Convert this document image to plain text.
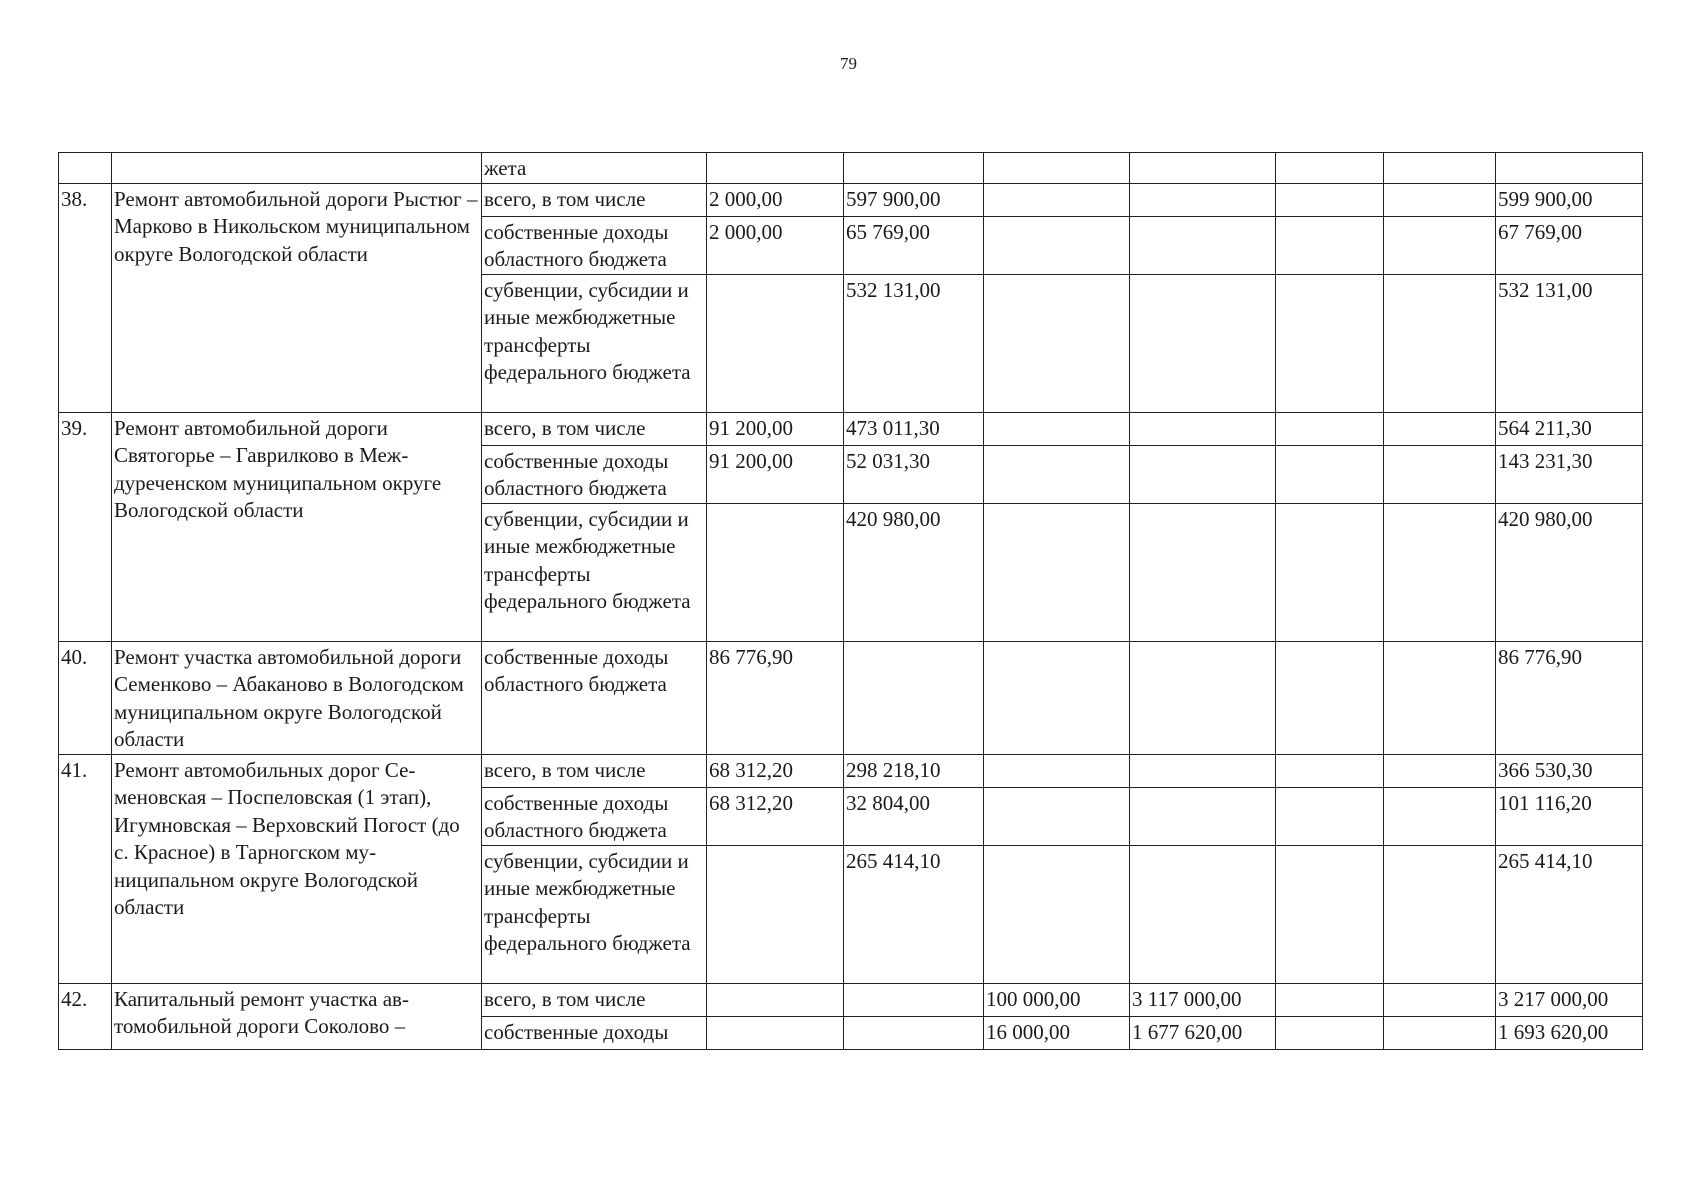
79
		жета							
38.	Ремонт автомобильной дороги Рыстюг – Марково в Никольском муниципальном округе Вологодской области	всего, в том числе	2 000,00	597 900,00					599 900,00
		собственные доходы областного бюджета	2 000,00	65 769,00					67 769,00
		субвенции, субсидии и иные межбюджетные трансферты федерального бюджета		532 131,00					532 131,00
39.	Ремонт автомобильной дороги Святогорье – Гаврилково в Междуреченском муниципальном округе Вологодской области	всего, в том числе	91 200,00	473 011,30					564 211,30
		собственные доходы областного бюджета	91 200,00	52 031,30					143 231,30
		субвенции, субсидии и иные межбюджетные трансферты федерального бюджета		420 980,00					420 980,00
40.	Ремонт участка автомобильной дороги Семенково – Абаканово в Вологодском муниципальном округе Вологодской области	собственные доходы областного бюджета	86 776,90						86 776,90
41.	Ремонт автомобильных дорог Семеновская – Поспеловская (1 этап), Игумновская – Верховский Погост (до с. Красное) в Тарногском муниципальном округе Вологодской области	всего, в том числе	68 312,20	298 218,10					366 530,30
		собственные доходы областного бюджета	68 312,20	32 804,00					101 116,20
		субвенции, субсидии и иные межбюджетные трансферты федерального бюджета		265 414,10					265 414,10
42.	Капитальный ремонт участка автомобильной дороги Соколово –	всего, в том числе			100 000,00	3 117 000,00			3 217 000,00
		собственные доходы			16 000,00	1 677 620,00			1 693 620,00
